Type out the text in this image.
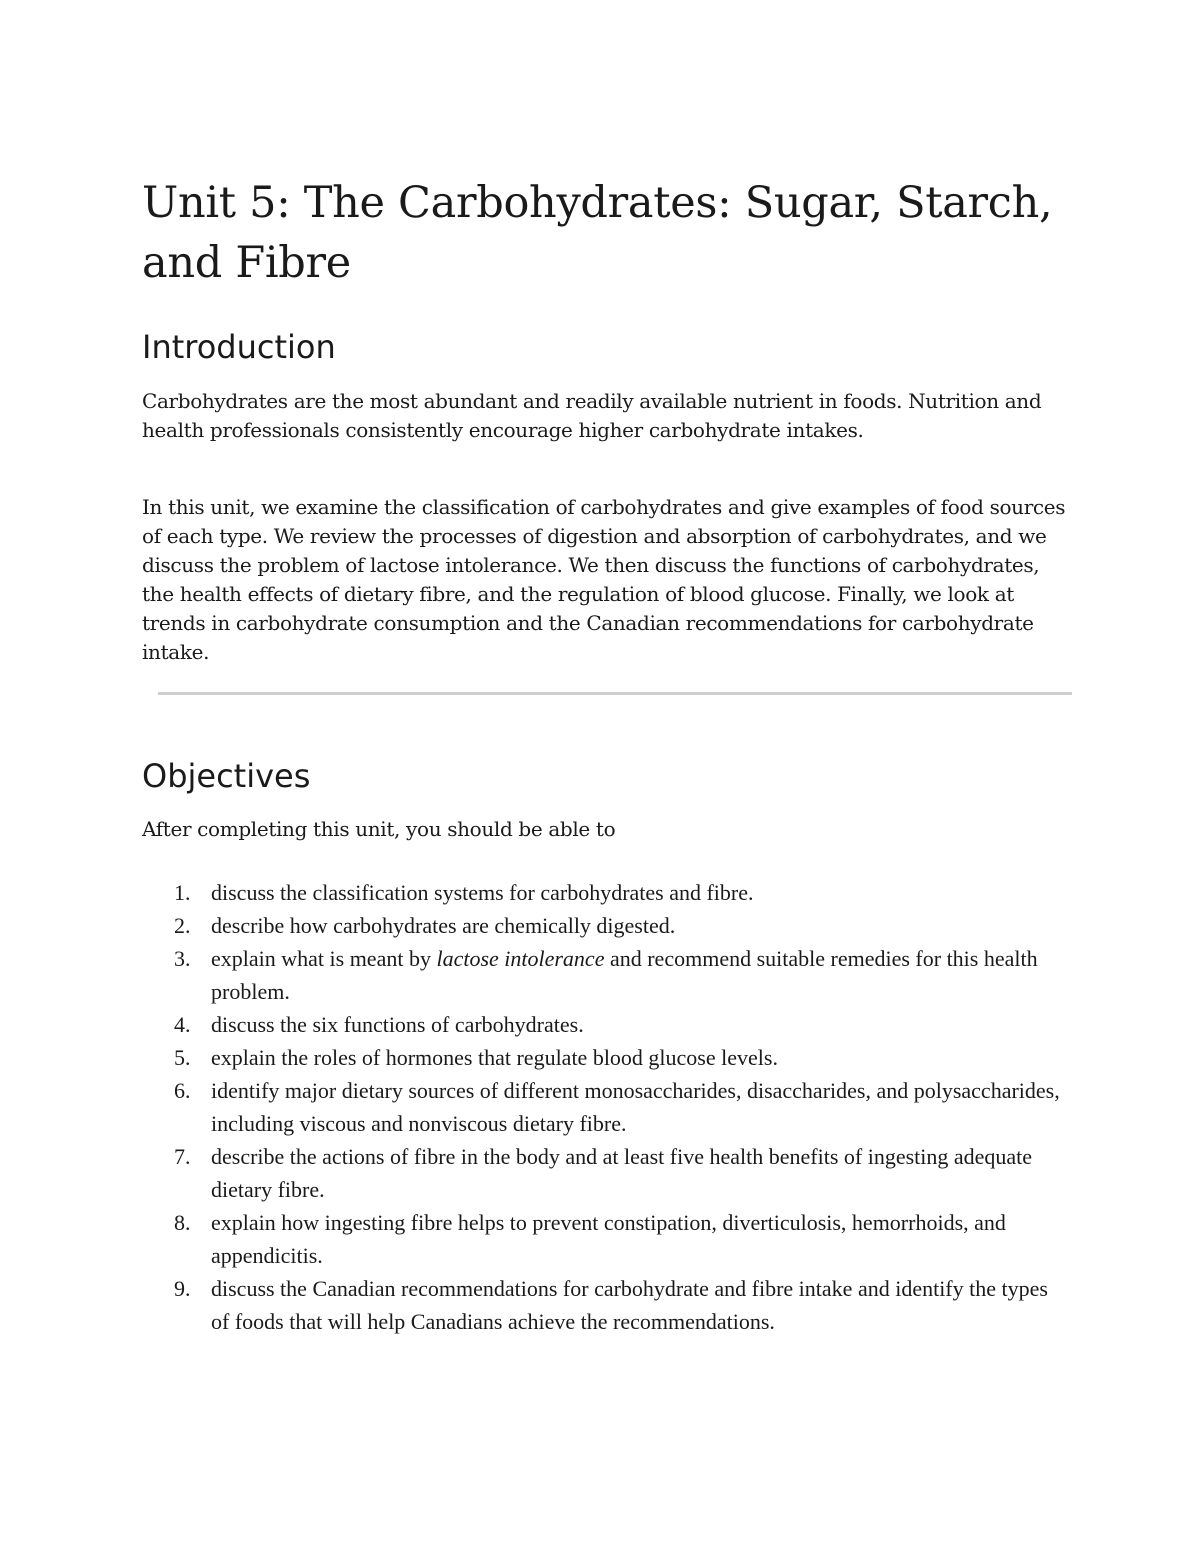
Unit 5: The Carbohydrates: Sugar, Starch, and Fibre
Introduction

Carbohydrates are the most abundant and readily available nutrient in foods. Nutrition and health professionals consistently encourage higher carbohydrate intakes.

In this unit, we examine the classification of carbohydrates and give examples of food sources of each type. We review the processes of digestion and absorption of carbohydrates, and we discuss the problem of lactose intolerance. We then discuss the functions of carbohydrates, the health effects of dietary fibre, and the regulation of blood glucose. Finally, we look at trends in carbohydrate consumption and the Canadian recommendations for carbohydrate intake.

Objectives

After completing this unit, you should be able to

1. discuss the classification systems for carbohydrates and fibre.
2. describe how carbohydrates are chemically digested.
3. explain what is meant by lactose intolerance and recommend suitable remedies for this health problem.
4. discuss the six functions of carbohydrates.
5. explain the roles of hormones that regulate blood glucose levels.
6. identify major dietary sources of different monosaccharides, disaccharides, and polysaccharides, including viscous and nonviscous dietary fibre.
7. describe the actions of fibre in the body and at least five health benefits of ingesting adequate dietary fibre.
8. explain how ingesting fibre helps to prevent constipation, diverticulosis, hemorrhoids, and appendicitis.
9. discuss the Canadian recommendations for carbohydrate and fibre intake and identify the types of foods that will help Canadians achieve the recommendations.
